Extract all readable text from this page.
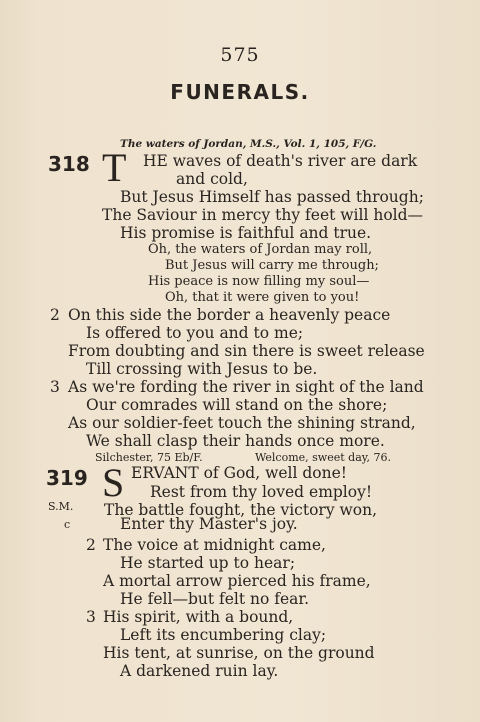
575
FUNERALS.
The waters of Jordan, M.S., Vol. 1, 105, F/G.
318 T HE waves of death's river are dark
and cold,
But Jesus Himself has passed through;
The Saviour in mercy thy feet will hold—
His promise is faithful and true.
Oh, the waters of Jordan may roll,
But Jesus will carry me through;
His peace is now filling my soul—
Oh, that it were given to you!
2 On this side the border a heavenly peace
Is offered to you and to me;
From doubting and sin there is sweet release
Till crossing with Jesus to be.
3 As we're fording the river in sight of the land
Our comrades will stand on the shore;
As our soldier-feet touch the shining strand,
We shall clasp their hands once more.
Silchester, 75 Eb/F.	Welcome, sweet day, 76.
319 S ERVANT of God, well done!
Rest from thy loved employ!
S.M. The battle fought, the victory won,
c	Enter thy Master's joy.
2 The voice at midnight came,
He started up to hear;
A mortal arrow pierced his frame,
He fell—but felt no fear.
3 His spirit, with a bound,
Left its encumbering clay;
His tent, at sunrise, on the ground
A darkened ruin lay.
